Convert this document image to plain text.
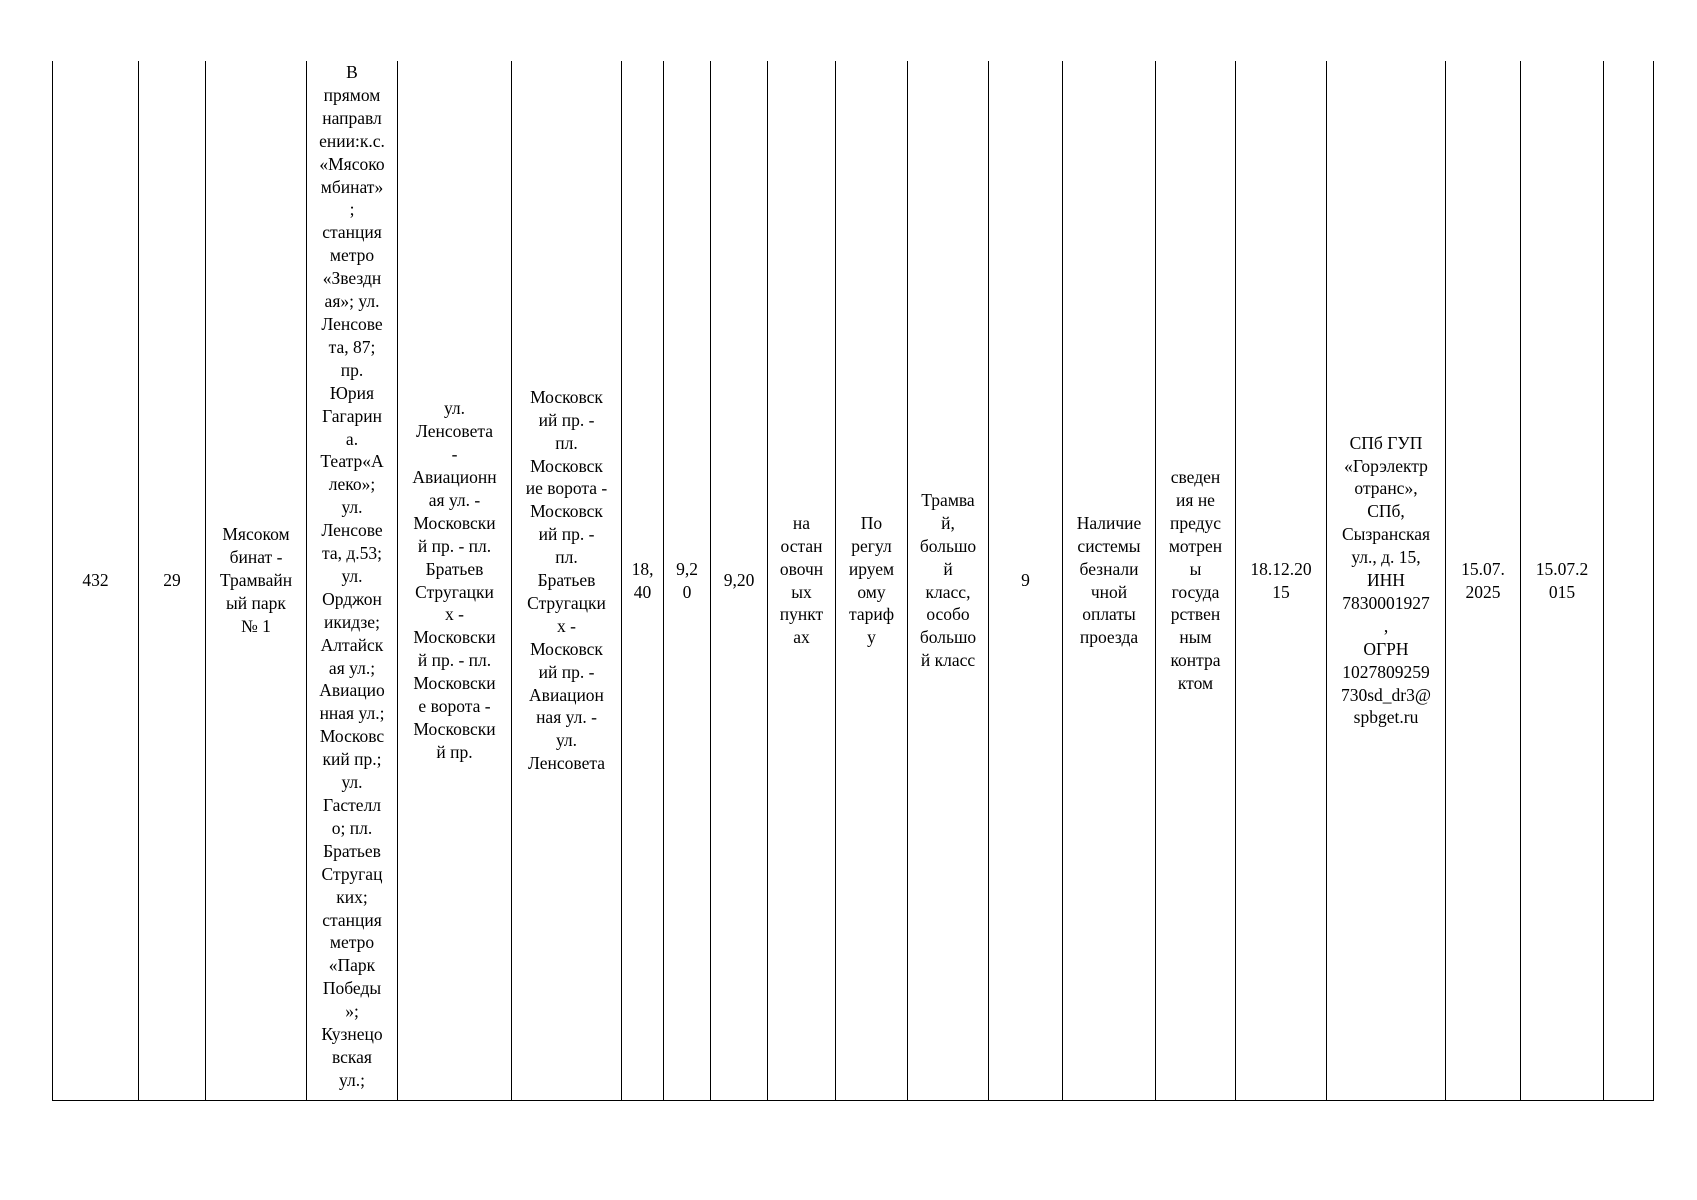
432	29	Мясоком
бинат -
Трамвайн
ый парк
№ 1	В
прямом
направл
ении:к.с.
«Мясоко
мбинат»
;
станция
метро
«Звездн
ая»; ул.
Ленсове
та, 87;
пр.
Юрия
Гагарин
а.
Театр«А
леко»;
ул.
Ленсове
та, д.53;
ул.
Орджон
икидзе;
Алтайск
ая ул.;
Авиацио
нная ул.;
Московс
кий пр.;
ул.
Гастелл
о; пл.
Братьев
Стругац
ких;
станция
метро
«Парк
Победы
»;
Кузнецо
вская
ул.;	ул.
Ленсовета
-
Авиационн
ая ул. -
Московски
й пр. - пл.
Братьев
Стругацки
х -
Московски
й пр. - пл.
Московски
е ворота -
Московски
й пр.	Московск
ий пр. -
пл.
Московск
ие ворота -
Московск
ий пр. -
пл.
Братьев
Стругацки
х -
Московск
ий пр. -
Авиацион
ная ул. -
ул.
Ленсовета	18,
40	9,2
0	9,20	на
остан
овочн
ых
пункт
ах	По
регул
ируем
ому
тариф
у	Трамва
й,
большо
й
класс,
особо
большо
й класс	9	Наличие
системы
безнали
чной
оплаты
проезда	сведен
ия не
предус
мотрен
ы
госуда
рствен
ным
контра
ктом	18.12.20
15	СПб ГУП
«Горэлектр
отранс»,
СПб,
Сызранская
ул., д. 15,
ИНН
7830001927
,
ОГРН
1027809259
730sd_dr3@
spbget.ru	15.07.
2025	15.07.2
015	
